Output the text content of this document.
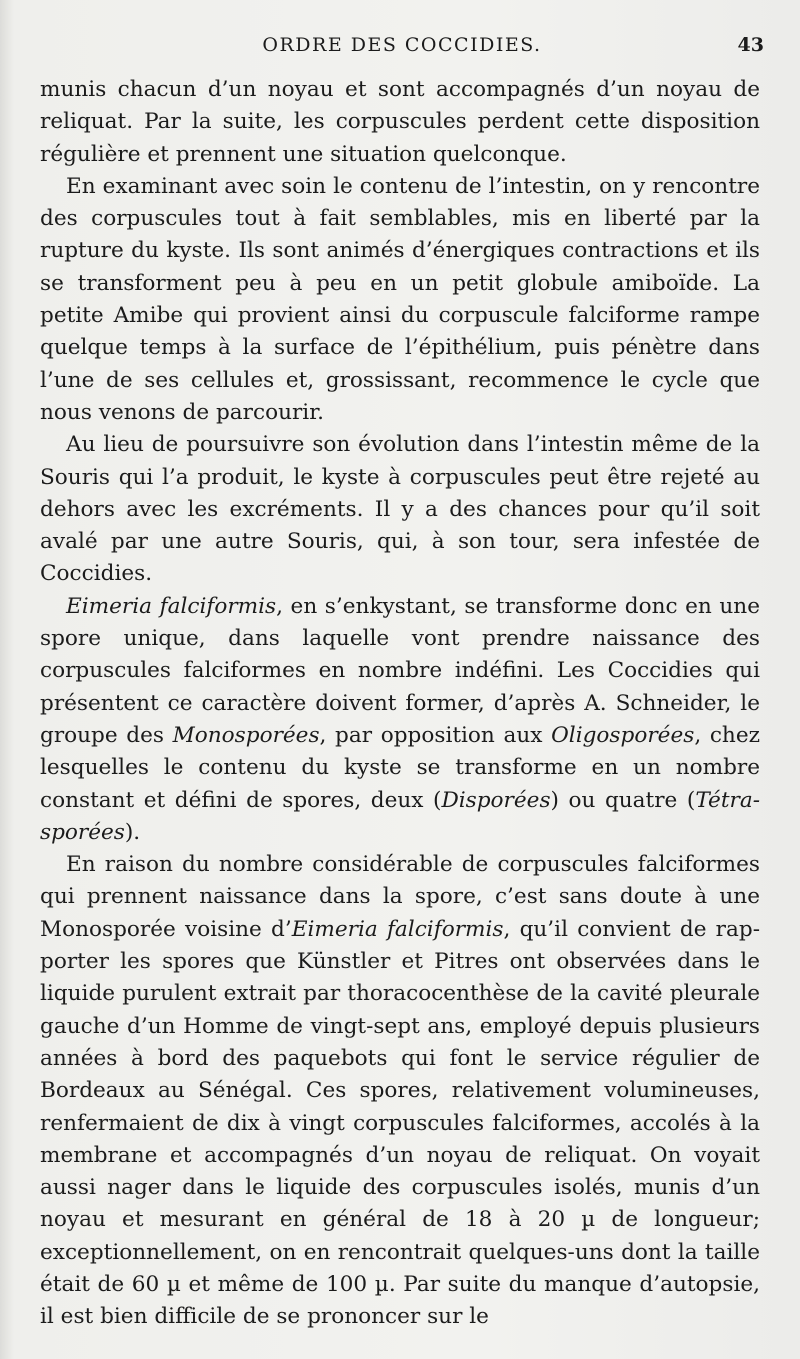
ORDRE DES COCCIDIES.	43

munis chacun d’un noyau et sont accompagnés d’un noyau de reliquat. Par la suite, les corpuscules perdent cette disposition régulière et prennent une situation quelconque.

En examinant avec soin le contenu de l’intestin, on y rencontre des corpuscules tout à fait semblables, mis en liberté par la rupture du kyste. Ils sont animés d’énergiques contractions et ils se transforment peu à peu en un petit globule amiboïde. La petite Amibe qui provient ainsi du corpuscule falciforme rampe quelque temps à la surface de l’épithélium, puis pénètre dans l’une de ses cellules et, grossissant, recommence le cycle que nous venons de parcourir.

Au lieu de poursuivre son évolution dans l’intestin même de la Souris qui l’a produit, le kyste à corpuscules peut être rejeté au dehors avec les excréments. Il y a des chances pour qu’il soit avalé par une autre Souris, qui, à son tour, sera infestée de Coccidies.

Eimeria falciformis, en s’enkystant, se transforme donc en une spore unique, dans laquelle vont prendre naissance des corpuscules falciformes en nombre indéfini. Les Coccidies qui présentent ce caractère doivent former, d’après A. Schneider, le groupe des Monosporées, par opposition aux Oligosporées, chez lesquelles le contenu du kyste se transforme en un nombre constant et défini de spores, deux (Disporées) ou quatre (Tétrasporées).

En raison du nombre considérable de corpuscules falciformes qui prennent naissance dans la spore, c’est sans doute à une Monosporée voisine d’Eimeria falciformis, qu’il convient de rapporter les spores que Künstler et Pitres ont observées dans le liquide purulent extrait par thoracocenthèse de la cavité pleurale gauche d’un Homme de vingt-sept ans, employé depuis plusieurs années à bord des paquebots qui font le service régulier de Bordeaux au Sénégal. Ces spores, relativement volumineuses, renfermaient de dix à vingt corpuscules falciformes, accolés à la membrane et accompagnés d’un noyau de reliquat. On voyait aussi nager dans le liquide des corpuscules isolés, munis d’un noyau et mesurant en général de 18 à 20 µ de longueur; exceptionnellement, on en rencontrait quelques-uns dont la taille était de 60 µ et même de 100 µ. Par suite du manque d’autopsie, il est bien difficile de se prononcer sur le
